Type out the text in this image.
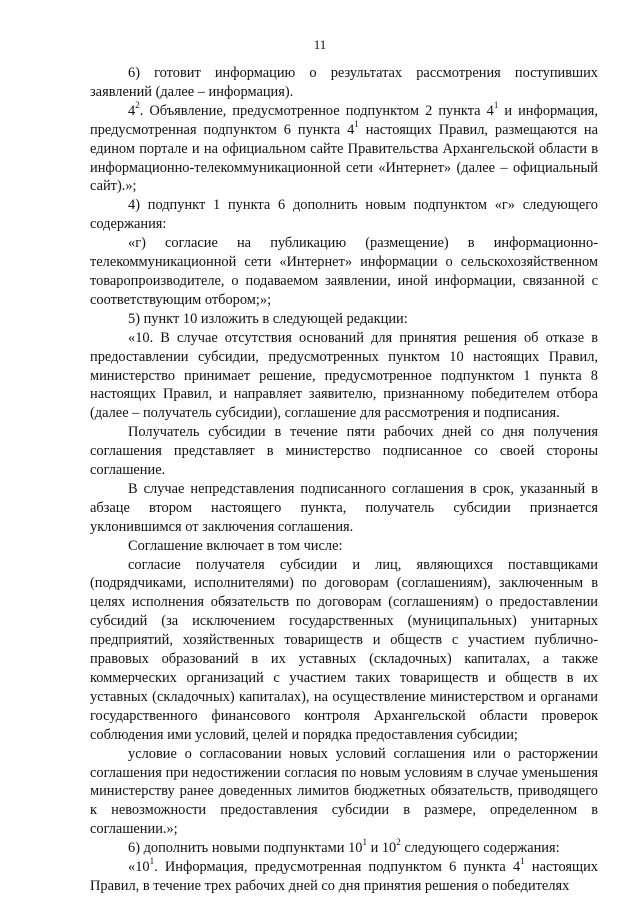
11

6) готовит информацию о результатах рассмотрения поступивших заявлений (далее – информация).

$4^2$. Объявление, предусмотренное подпунктом 2 пункта $4^1$ и информация, предусмотренная подпунктом 6 пункта $4^1$ настоящих Правил, размещаются на едином портале и на официальном сайте Правительства Архангельской области в информационно-телекоммуникационной сети «Интернет» (далее – официальный сайт).»;

4) подпункт 1 пункта 6 дополнить новым подпунктом «г» следующего содержания:

«г) согласие на публикацию (размещение) в информационно-телекоммуникационной сети «Интернет» информации о сельскохозяйственном товаропроизводителе, о подаваемом заявлении, иной информации, связанной с соответствующим отбором;»;

5) пункт 10 изложить в следующей редакции:

«10. В случае отсутствия оснований для принятия решения об отказе в предоставлении субсидии, предусмотренных пунктом 10 настоящих Правил, министерство принимает решение, предусмотренное подпунктом 1 пункта 8 настоящих Правил, и направляет заявителю, признанному победителем отбора (далее – получатель субсидии), соглашение для рассмотрения и подписания.

Получатель субсидии в течение пяти рабочих дней со дня получения соглашения представляет в министерство подписанное со своей стороны соглашение.

В случае непредставления подписанного соглашения в срок, указанный в абзаце втором настоящего пункта, получатель субсидии признается уклонившимся от заключения соглашения.

Соглашение включает в том числе:

согласие получателя субсидии и лиц, являющихся поставщиками (подрядчиками, исполнителями) по договорам (соглашениям), заключенным в целях исполнения обязательств по договорам (соглашениям) о предоставлении субсидий (за исключением государственных (муниципальных) унитарных предприятий, хозяйственных товариществ и обществ с участием публично-правовых образований в их уставных (складочных) капиталах, а также коммерческих организаций с участием таких товариществ и обществ в их уставных (складочных) капиталах), на осуществление министерством и органами государственного финансового контроля Архангельской области проверок соблюдения ими условий, целей и порядка предоставления субсидии;

условие о согласовании новых условий соглашения или о расторжении соглашения при недостижении согласия по новым условиям в случае уменьшения министерству ранее доведенных лимитов бюджетных обязательств, приводящего к невозможности предоставления субсидии в размере, определенном в соглашении.»;

6) дополнить новыми подпунктами $10^1$ и $10^2$ следующего содержания:

«$10^1$. Информация, предусмотренная подпунктом 6 пункта $4^1$ настоящих Правил, в течение трех рабочих дней со дня принятия решения о победителях
